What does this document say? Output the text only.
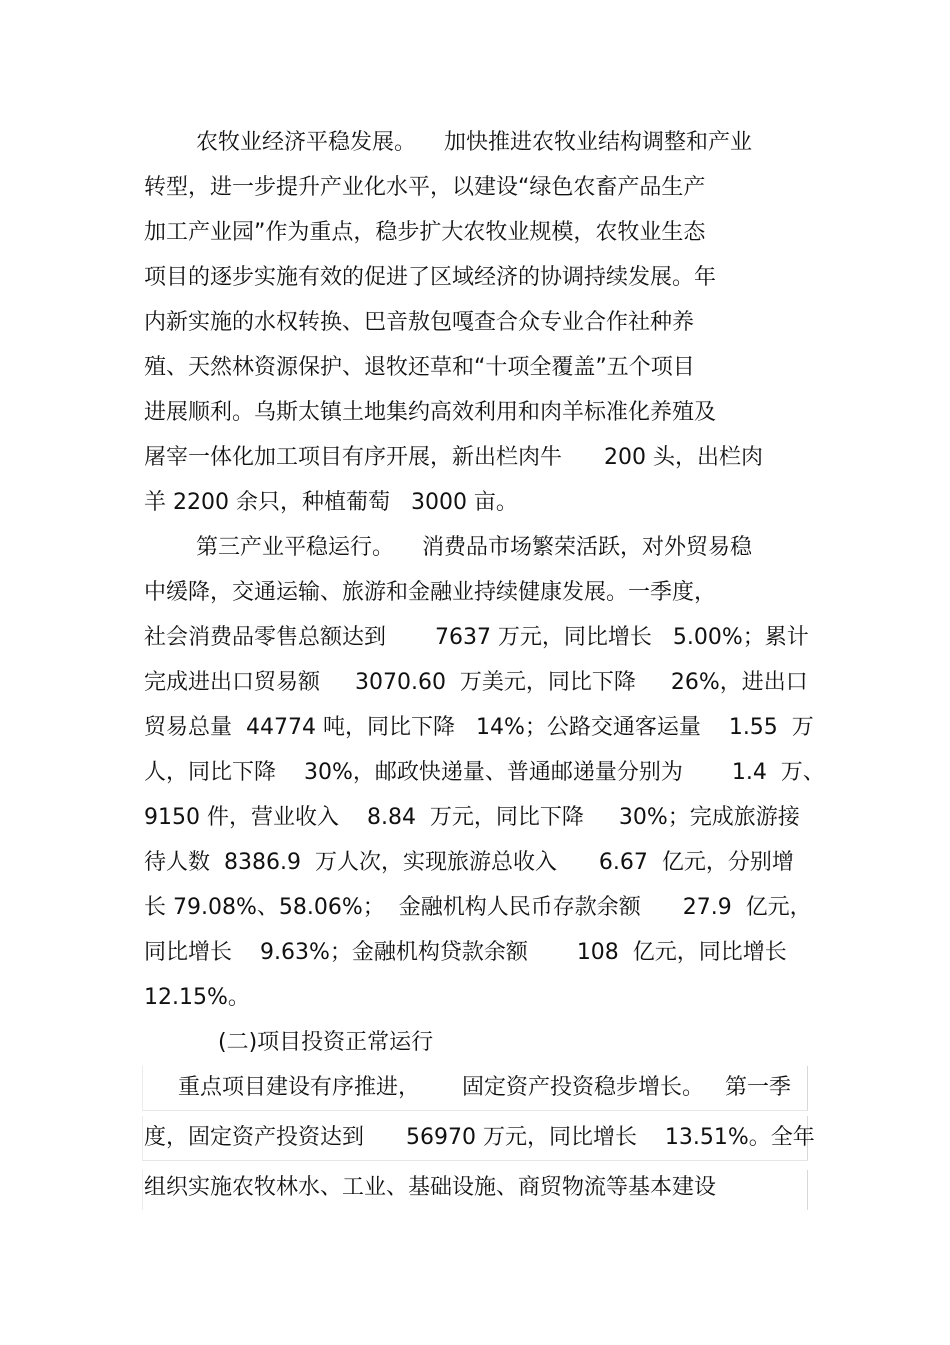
农牧业经济平稳发展。    加快推进农牧业结构调整和产业
转型，进一步提升产业化水平，以建设“绿色农畜产品生产
加工产业园”作为重点，稳步扩大农牧业规模，农牧业生态
项目的逐步实施有效的促进了区域经济的协调持续发展。年
内新实施的水权转换、巴音敖包嘎查合众专业合作社种养
殖、天然林资源保护、退牧还草和“十项全覆盖”五个项目
进展顺利。乌斯太镇土地集约高效利用和肉羊标准化养殖及
屠宰一体化加工项目有序开展，新出栏肉牛      200 头，出栏肉
羊 2200 余只，种植葡萄   3000 亩。
第三产业平稳运行。    消费品市场繁荣活跃，对外贸易稳
中缓降，交通运输、旅游和金融业持续健康发展。一季度，
社会消费品零售总额达到       7637 万元，同比增长   5.00%；累计
完成进出口贸易额     3070.60  万美元，同比下降     26%，进出口
贸易总量  44774 吨，同比下降   14%；公路交通客运量    1.55  万
人，同比下降    30%，邮政快递量、普通邮递量分别为       1.4  万、
9150 件，营业收入    8.84  万元，同比下降     30%；完成旅游接
待人数  8386.9  万人次，实现旅游总收入      6.67  亿元，分别增
长 79.08%、58.06%；  金融机构人民币存款余额      27.9  亿元，
同比增长    9.63%；金融机构贷款余额       108  亿元，同比增长
12.15%。
(二)项目投资正常运行
重点项目建设有序推进，      固定资产投资稳步增长。   第一季
度，固定资产投资达到      56970 万元，同比增长    13.51%。全年
组织实施农牧林水、工业、基础设施、商贸物流等基本建设
